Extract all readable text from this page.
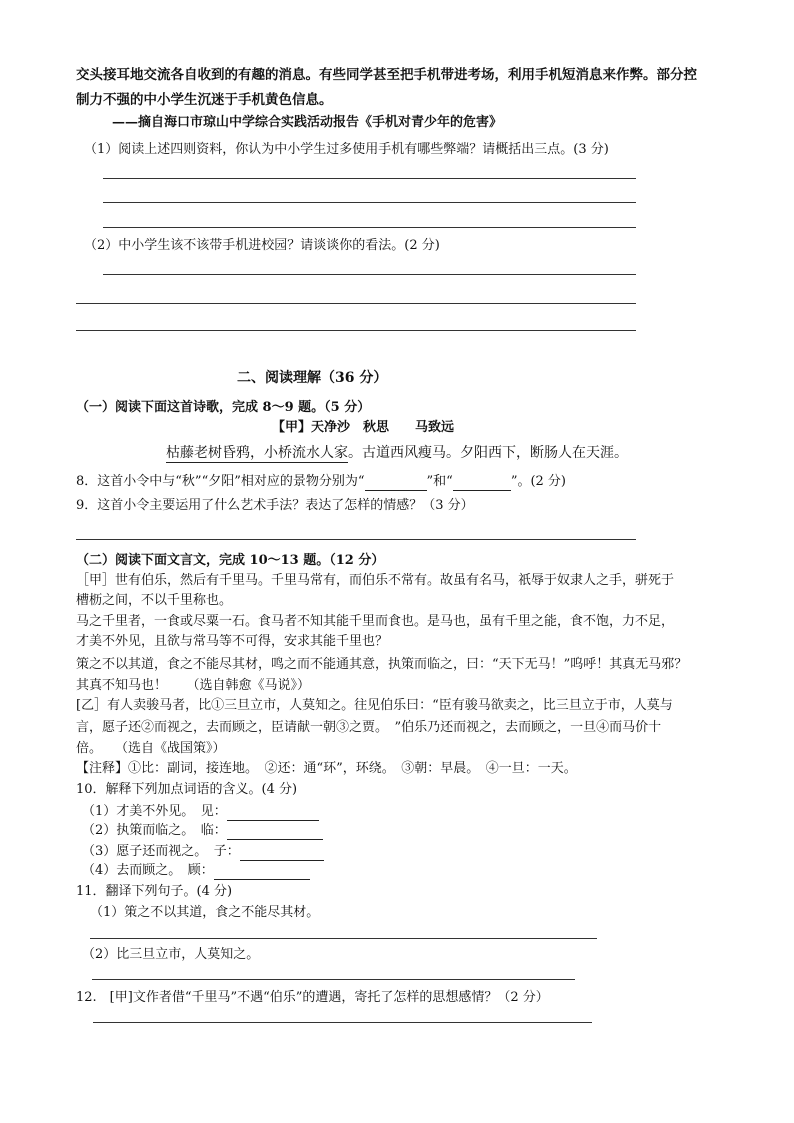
交头接耳地交流各自收到的有趣的消息。有些同学甚至把手机带进考场，利用手机短消息来作弊。部分控
制力不强的中小学生沉迷于手机黄色信息。
——摘自海口市琼山中学综合实践活动报告《手机对青少年的危害》
（1）阅读上述四则资料，你认为中小学生过多使用手机有哪些弊端？请概括出三点。(3 分)
（2）中小学生该不该带手机进校园？请谈谈你的看法。(2 分)
二、阅读理解（36 分）
（一）阅读下面这首诗歌，完成 8～9 题。（5 分）
【甲】天净沙　秋思　　马致远
枯藤老树昏鸦，小桥流水人家。古道西风瘦马。夕阳西下，断肠人在天涯。
8．这首小令中与“秋”“夕阳”相对应的景物分别为“	”和“	”。(2 分)
9．这首小令主要运用了什么艺术手法？表达了怎样的情感？（3 分）
（二）阅读下面文言文，完成 10～13 题。（12 分）
［甲］世有伯乐，然后有千里马。千里马常有，而伯乐不常有。故虽有名马，祇辱于奴隶人之手，骈死于
槽枥之间，不以千里称也。
马之千里者，一食或尽粟一石。食马者不知其能千里而食也。是马也，虽有千里之能，食不饱，力不足，
才美不外见，且欲与常马等不可得，安求其能千里也？
策之不以其道，食之不能尽其材，鸣之而不能通其意，执策而临之，曰：“天下无马！”呜呼！其真无马邪？
其真不知马也！　　（选自韩愈《马说》）
[乙］有人卖骏马者，比①三旦立市，人莫知之。往见伯乐曰：“臣有骏马欲卖之，比三旦立于市，人莫与
言，愿子还②而视之，去而顾之，臣请献一朝③之贾。　”伯乐乃还而视之，去而顾之，一旦④而马价十
倍。　　（选自《战国策》）
【注释】①比：副词，接连地。　②还：通“环”，环绕。　③朝：早晨。　④一旦：一天。
10．解释下列加点词语的含义。(4 分)
（1）才美不外见。　见：
（2）执策而临之。　临：
（3）愿子还而视之。　子：
（4）去而顾之。　顾：
11．翻译下列句子。(4 分)
（1）策之不以其道，食之不能尽其材。
（2）比三旦立市，人莫知之。
12.　[甲]文作者借“千里马”不遇“伯乐”的遭遇，寄托了怎样的思想感情？（2 分）
